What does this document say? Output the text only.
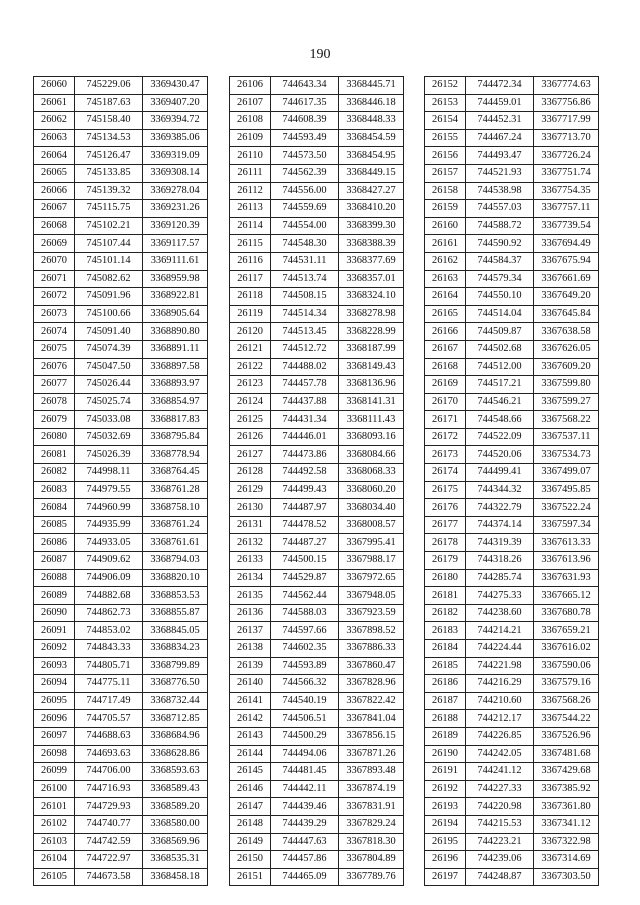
190
26060	745229.06	3369430.47
26061	745187.63	3369407.20
26062	745158.40	3369394.72
26063	745134.53	3369385.06
26064	745126.47	3369319.09
26065	745133.85	3369308.14
26066	745139.32	3369278.04
26067	745115.75	3369231.26
26068	745102.21	3369120.39
26069	745107.44	3369117.57
26070	745101.14	3369111.61
26071	745082.62	3368959.98
26072	745091.96	3368922.81
26073	745100.66	3368905.64
26074	745091.40	3368890.80
26075	745074.39	3368891.11
26076	745047.50	3368897.58
26077	745026.44	3368893.97
26078	745025.74	3368854.97
26079	745033.08	3368817.83
26080	745032.69	3368795.84
26081	745026.39	3368778.94
26082	744998.11	3368764.45
26083	744979.55	3368761.28
26084	744960.99	3368758.10
26085	744935.99	3368761.24
26086	744933.05	3368761.61
26087	744909.62	3368794.03
26088	744906.09	3368820.10
26089	744882.68	3368853.53
26090	744862.73	3368855.87
26091	744853.02	3368845.05
26092	744843.33	3368834.23
26093	744805.71	3368799.89
26094	744775.11	3368776.50
26095	744717.49	3368732.44
26096	744705.57	3368712.85
26097	744688.63	3368684.96
26098	744693.63	3368628.86
26099	744706.00	3368593.63
26100	744716.93	3368589.43
26101	744729.93	3368589.20
26102	744740.77	3368580.00
26103	744742.59	3368569.96
26104	744722.97	3368535.31
26105	744673.58	3368458.18
26106	744643.34	3368445.71
26107	744617.35	3368446.18
26108	744608.39	3368448.33
26109	744593.49	3368454.59
26110	744573.50	3368454.95
26111	744562.39	3368449.15
26112	744556.00	3368427.27
26113	744559.69	3368410.20
26114	744554.00	3368399.30
26115	744548.30	3368388.39
26116	744531.11	3368377.69
26117	744513.74	3368357.01
26118	744508.15	3368324.10
26119	744514.34	3368278.98
26120	744513.45	3368228.99
26121	744512.72	3368187.99
26122	744488.02	3368149.43
26123	744457.78	3368136.96
26124	744437.88	3368141.31
26125	744431.34	3368111.43
26126	744446.01	3368093.16
26127	744473.86	3368084.66
26128	744492.58	3368068.33
26129	744499.43	3368060.20
26130	744487.97	3368034.40
26131	744478.52	3368008.57
26132	744487.27	3367995.41
26133	744500.15	3367988.17
26134	744529.87	3367972.65
26135	744562.44	3367948.05
26136	744588.03	3367923.59
26137	744597.66	3367898.52
26138	744602.35	3367886.33
26139	744593.89	3367860.47
26140	744566.32	3367828.96
26141	744540.19	3367822.42
26142	744506.51	3367841.04
26143	744500.29	3367856.15
26144	744494.06	3367871.26
26145	744481.45	3367893.48
26146	744442.11	3367874.19
26147	744439.46	3367831.91
26148	744439.29	3367829.24
26149	744447.63	3367818.30
26150	744457.86	3367804.89
26151	744465.09	3367789.76
26152	744472.34	3367774.63
26153	744459.01	3367756.86
26154	744452.31	3367717.99
26155	744467.24	3367713.70
26156	744493.47	3367726.24
26157	744521.93	3367751.74
26158	744538.98	3367754.35
26159	744557.03	3367757.11
26160	744588.72	3367739.54
26161	744590.92	3367694.49
26162	744584.37	3367675.94
26163	744579.34	3367661.69
26164	744550.10	3367649.20
26165	744514.04	3367645.84
26166	744509.87	3367638.58
26167	744502.68	3367626.05
26168	744512.00	3367609.20
26169	744517.21	3367599.80
26170	744546.21	3367599.27
26171	744548.66	3367568.22
26172	744522.09	3367537.11
26173	744520.06	3367534.73
26174	744499.41	3367499.07
26175	744344.32	3367495.85
26176	744322.79	3367522.24
26177	744374.14	3367597.34
26178	744319.39	3367613.33
26179	744318.26	3367613.96
26180	744285.74	3367631.93
26181	744275.33	3367665.12
26182	744238.60	3367680.78
26183	744214.21	3367659.21
26184	744224.44	3367616.02
26185	744221.98	3367590.06
26186	744216.29	3367579.16
26187	744210.60	3367568.26
26188	744212.17	3367544.22
26189	744226.85	3367526.96
26190	744242.05	3367481.68
26191	744241.12	3367429.68
26192	744227.33	3367385.92
26193	744220.98	3367361.80
26194	744215.53	3367341.12
26195	744223.21	3367322.98
26196	744239.06	3367314.69
26197	744248.87	3367303.50
